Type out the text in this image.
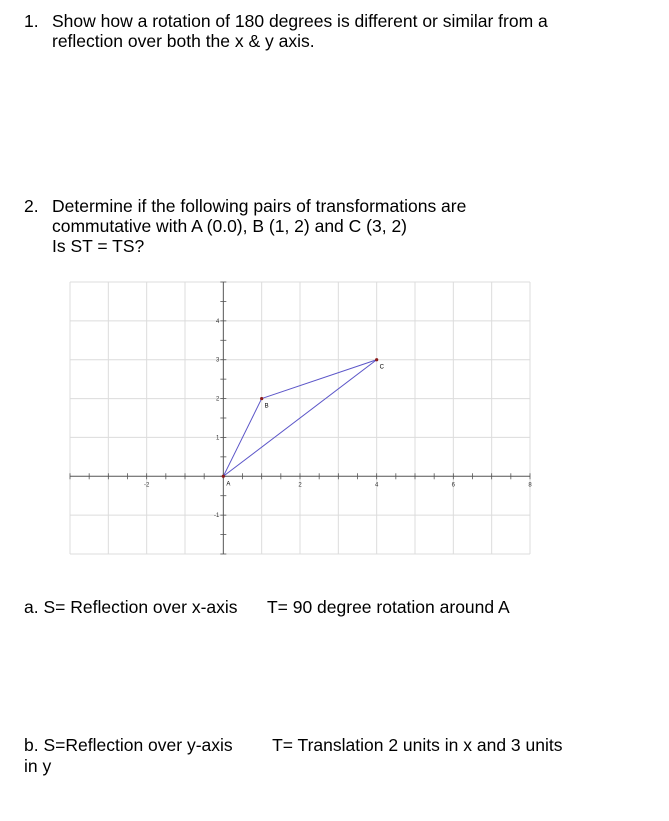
1. Show how a rotation of 180 degrees is different or similar from a
reflection over both the x & y axis.
2. Determine if the following pairs of transformations are
commutative with A (0.0), B (1, 2) and C (3, 2)
Is ST = TS?
-2	2	4	6	8
-1
1
2
3
4
A
B
C
a. S= Reflection over x-axis T= 90 degree rotation around A
b. S=Reflection over y-axis T= Translation 2 units in x and 3 units
in y
